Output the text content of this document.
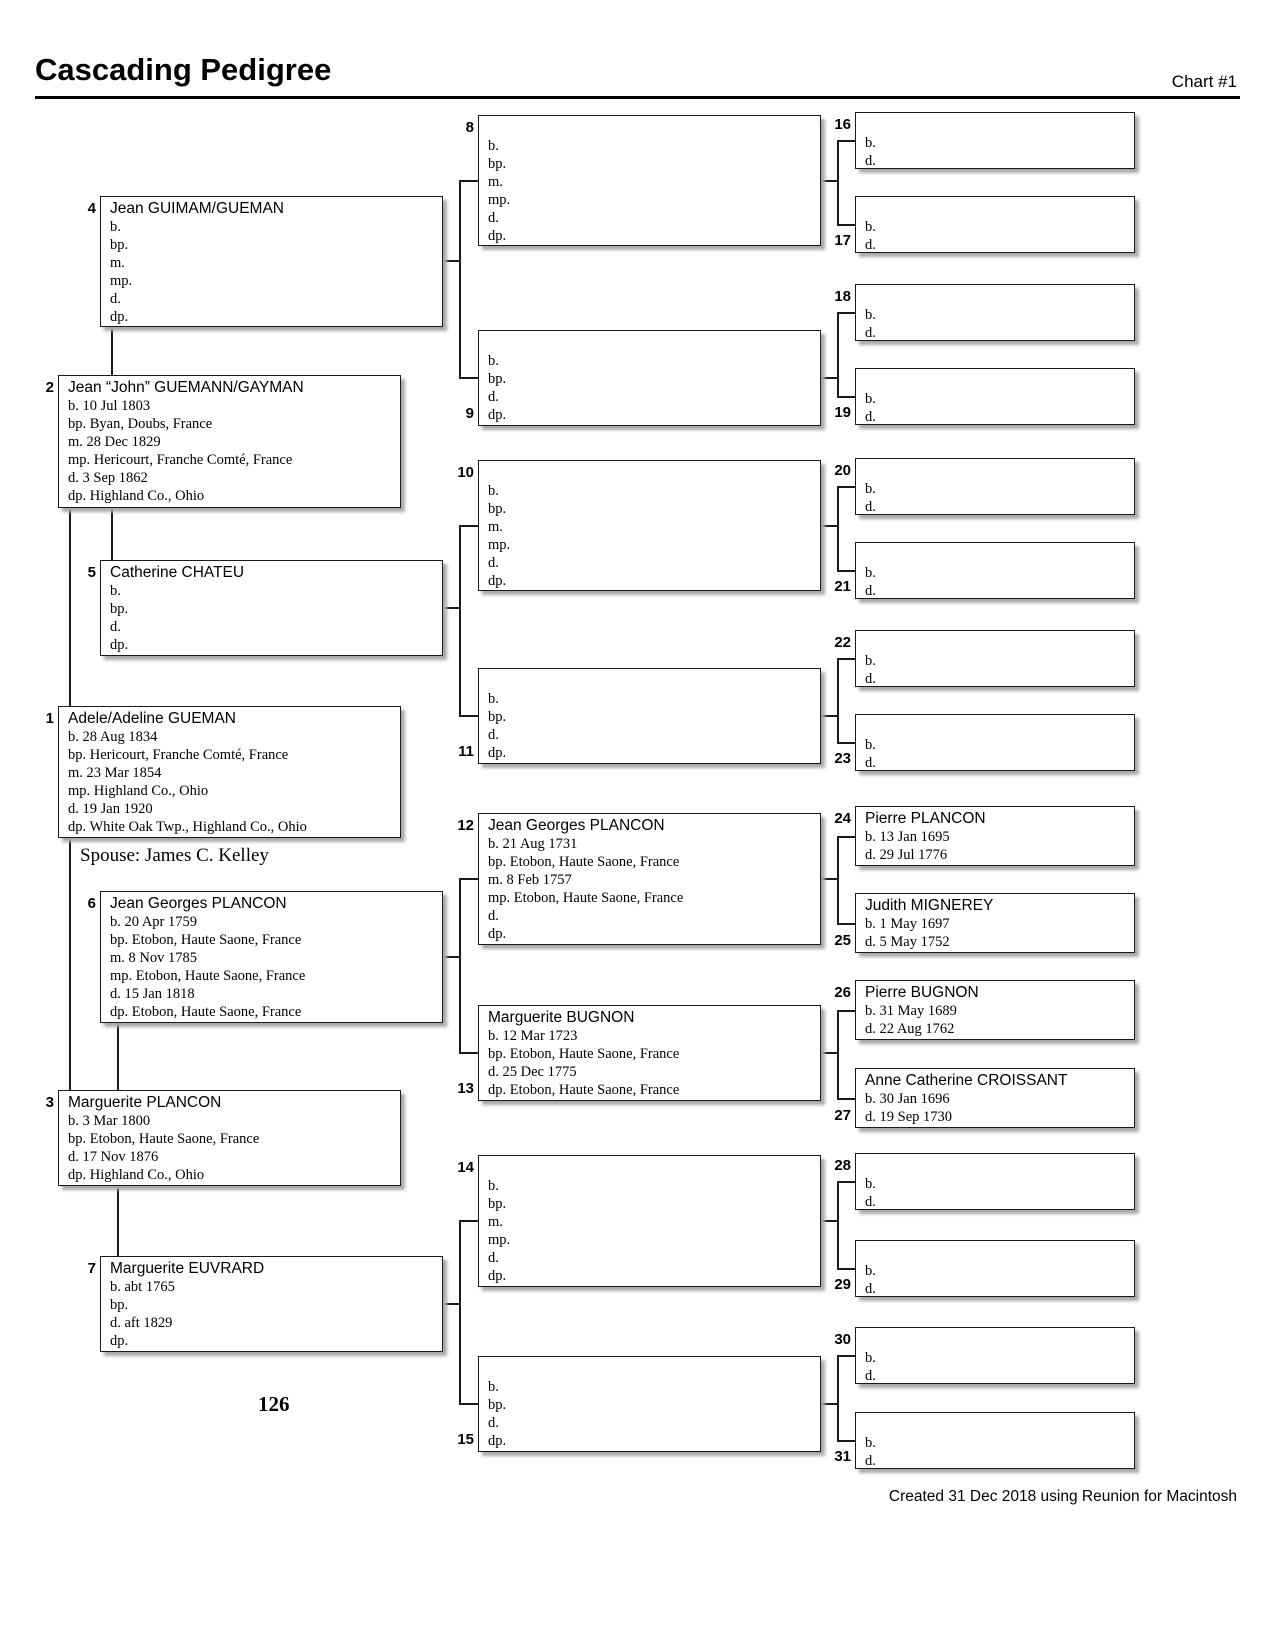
Cascading Pedigree	Chart #1
1 Adele/Adeline GUEMAN
b. 28 Aug 1834
bp. Hericourt, Franche Comté, France
m. 23 Mar 1854
mp. Highland Co., Ohio
d. 19 Jan 1920
dp. White Oak Twp., Highland Co., Ohio
2 Jean “John” GUEMANN/GAYMAN
b. 10 Jul 1803
bp. Byan, Doubs, France
m. 28 Dec 1829
mp. Hericourt, Franche Comté, France
d. 3 Sep 1862
dp. Highland Co., Ohio
3 Marguerite PLANCON
b. 3 Mar 1800
bp. Etobon, Haute Saone, France
d. 17 Nov 1876
dp. Highland Co., Ohio
4 Jean GUIMAM/GUEMAN
b.
bp.
m.
mp.
d.
dp.
5 Catherine CHATEU
b.
bp.
d.
dp.
6 Jean Georges PLANCON
b. 20 Apr 1759
bp. Etobon, Haute Saone, France
m. 8 Nov 1785
mp. Etobon, Haute Saone, France
d. 15 Jan 1818
dp. Etobon, Haute Saone, France
7 Marguerite EUVRARD
b. abt 1765
bp.
d. aft 1829
dp.
8
b.
bp.
m.
mp.
d.
dp.
9
b.
bp.
d.
dp.
10
b.
bp.
m.
mp.
d.
dp.
11
b.
bp.
d.
dp.
12 Jean Georges PLANCON
b. 21 Aug 1731
bp. Etobon, Haute Saone, France
m. 8 Feb 1757
mp. Etobon, Haute Saone, France
d.
dp.
13
Marguerite BUGNON
b. 12 Mar 1723
bp. Etobon, Haute Saone, France
d. 25 Dec 1775
dp. Etobon, Haute Saone, France
14
b.
bp.
m.
mp.
d.
dp.
15
b.
bp.
d.
dp.
16
b.
d.
17
b.
d.
18
b.
d.
19
b.
d.
20
b.
d.
21
b.
d.
22
b.
d.
23
b.
d.
24 Pierre PLANCON
b. 13 Jan 1695
d. 29 Jul 1776
25
Judith MIGNEREY
b. 1 May 1697
d. 5 May 1752
26 Pierre BUGNON
b. 31 May 1689
d. 22 Aug 1762
27
Anne Catherine CROISSANT
b. 30 Jan 1696
d. 19 Sep 1730
28
b.
d.
29
b.
d.
30
b.
d.
31
b.
d.
Spouse: James C. Kelley
126
Created 31 Dec 2018 using Reunion for Macintosh
